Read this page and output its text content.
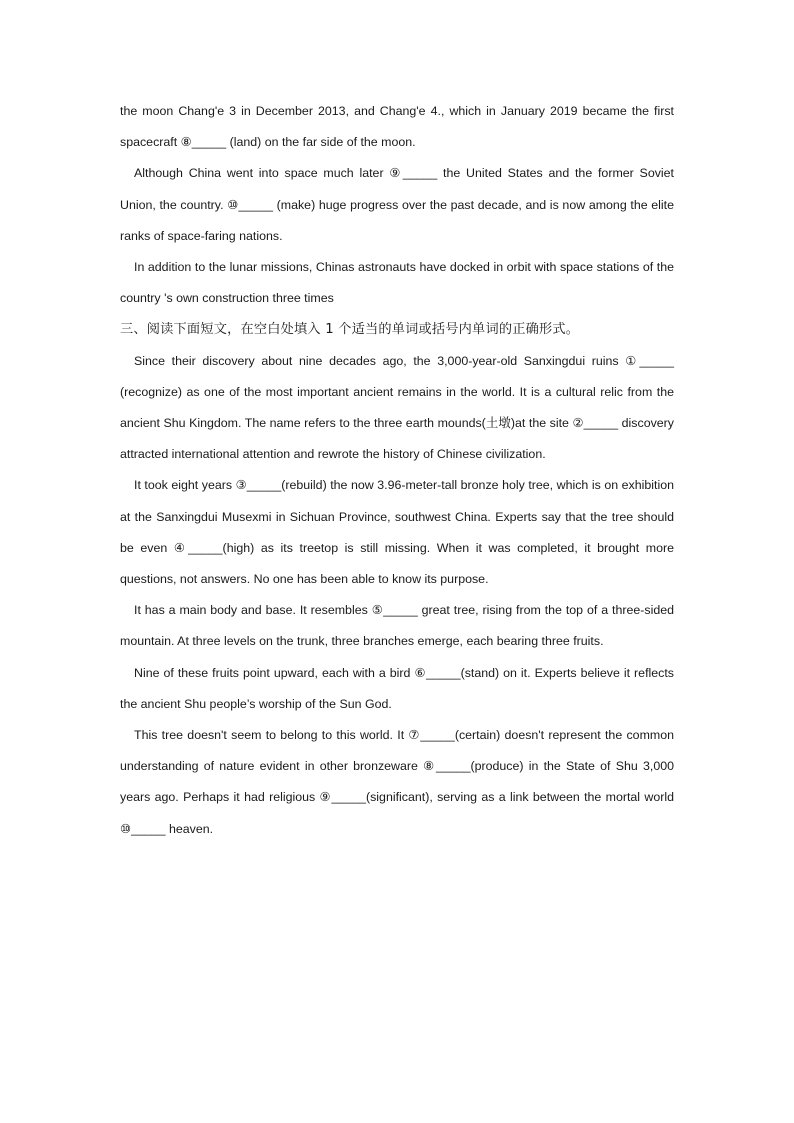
the moon Chang'e 3 in December 2013, and Chang'e 4., which in January 2019 became the first spacecraft ⑧_____ (land) on the far side of the moon.

Although China went into space much later ⑨_____ the United States and the former Soviet Union, the country. ⑩_____ (make) huge progress over the past decade, and is now among the elite ranks of space-faring nations.

In addition to the lunar missions, Chinas astronauts have docked in orbit with space stations of the country 's own construction three times

三、阅读下面短文，在空白处填入 1 个适当的单词或括号内单词的正确形式。

Since their discovery about nine decades ago, the 3,000-year-old Sanxingdui ruins ①_____ (recognize) as one of the most important ancient remains in the world. It is a cultural relic from the ancient Shu Kingdom. The name refers to the three earth mounds(土墩)at the site ②_____ discovery attracted international attention and rewrote the history of Chinese civilization.

It took eight years ③_____(rebuild) the now 3.96-meter-tall bronze holy tree, which is on exhibition at the Sanxingdui Musexmi in Sichuan Province, southwest China. Experts say that the tree should be even ④_____(high) as its treetop is still missing. When it was completed, it brought more questions, not answers. No one has been able to know its purpose.

It has a main body and base. It resembles ⑤_____ great tree, rising from the top of a three-sided mountain. At three levels on the trunk, three branches emerge, each bearing three fruits.

Nine of these fruits point upward, each with a bird ⑥_____(stand) on it. Experts believe it reflects the ancient Shu people’s worship of the Sun God.

This tree doesn't seem to belong to this world. It ⑦_____(certain) doesn't represent the common understanding of nature evident in other bronzeware ⑧_____(produce) in the State of Shu 3,000 years ago. Perhaps it had religious ⑨_____(significant), serving as a link between the mortal world ⑩_____ heaven.
